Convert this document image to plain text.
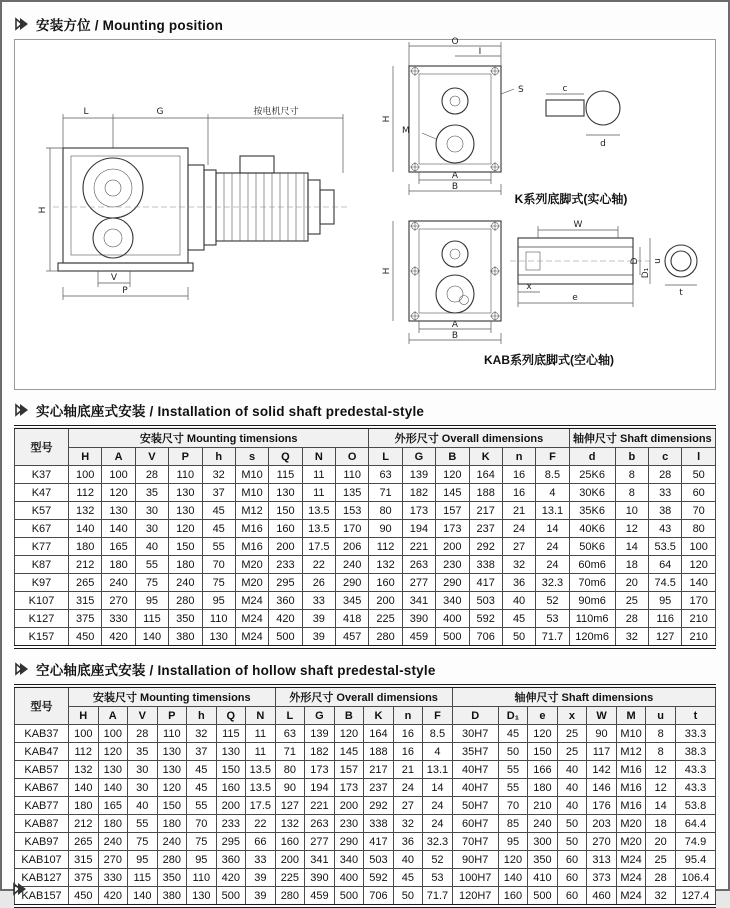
安装方位 / Mounting position
L	G	按电机尺寸
H
V
P
O
I
S
M
H
A
B
K系列底脚式(实心轴)
c
d
H
A
B
KAB系列底脚式(空心轴)
W
D
D₁
x
e	t
u
实心轴底座式安装 / Installation of solid shaft predestal-style
型号	安装尺寸 Mounting timensions									外形尺寸 Overall dimensions						轴伸尺寸 Shaft dimensions			
	H	A	V	P	h	s	Q	N	O	L	G	B	K	n	F	d	b	c	l
K37	100	100	28	110	32	M10	115	11	110	63	139	120	164	16	8.5	25K6	8	28	50
K47	112	120	35	130	37	M10	130	11	135	71	182	145	188	16	4	30K6	8	33	60
K57	132	130	30	130	45	M12	150	13.5	153	80	173	157	217	21	13.1	35K6	10	38	70
K67	140	140	30	120	45	M16	160	13.5	170	90	194	173	237	24	14	40K6	12	43	80
K77	180	165	40	150	55	M16	200	17.5	206	112	221	200	292	27	24	50K6	14	53.5	100
K87	212	180	55	180	70	M20	233	22	240	132	263	230	338	32	24	60m6	18	64	120
K97	265	240	75	240	75	M20	295	26	290	160	277	290	417	36	32.3	70m6	20	74.5	140
K107	315	270	95	280	95	M24	360	33	345	200	341	340	503	40	52	90m6	25	95	170
K127	375	330	115	350	110	M24	420	39	418	225	390	400	592	45	53	110m6	28	116	210
K157	450	420	140	380	130	M24	500	39	457	280	459	500	706	50	71.7	120m6	32	127	210
空心轴底座式安装 / Installation of hollow shaft predestal-style
型号	安装尺寸 Mounting timensions							外形尺寸 Overall dimensions						轴伸尺寸 Shaft dimensions							
	H	A	V	P	h	Q	N	L	G	B	K	n	F	D	D₁	e	x	W	M	u	t
KAB37	100	100	28	110	32	115	11	63	139	120	164	16	8.5	30H7	45	120	25	90	M10	8	33.3
KAB47	112	120	35	130	37	130	11	71	182	145	188	16	4	35H7	50	150	25	117	M12	8	38.3
KAB57	132	130	30	130	45	150	13.5	80	173	157	217	21	13.1	40H7	55	166	40	142	M16	12	43.3
KAB67	140	140	30	120	45	160	13.5	90	194	173	237	24	14	40H7	55	180	40	146	M16	12	43.3
KAB77	180	165	40	150	55	200	17.5	127	221	200	292	27	24	50H7	70	210	40	176	M16	14	53.8
KAB87	212	180	55	180	70	233	22	132	263	230	338	32	24	60H7	85	240	50	203	M20	18	64.4
KAB97	265	240	75	240	75	295	66	160	277	290	417	36	32.3	70H7	95	300	50	270	M20	20	74.9
KAB107	315	270	95	280	95	360	33	200	341	340	503	40	52	90H7	120	350	60	313	M24	25	95.4
KAB127	375	330	115	350	110	420	39	225	390	400	592	45	53	100H7	140	410	60	373	M24	28	106.4
KAB157	450	420	140	380	130	500	39	280	459	500	706	50	71.7	120H7	160	500	60	460	M24	32	127.4
